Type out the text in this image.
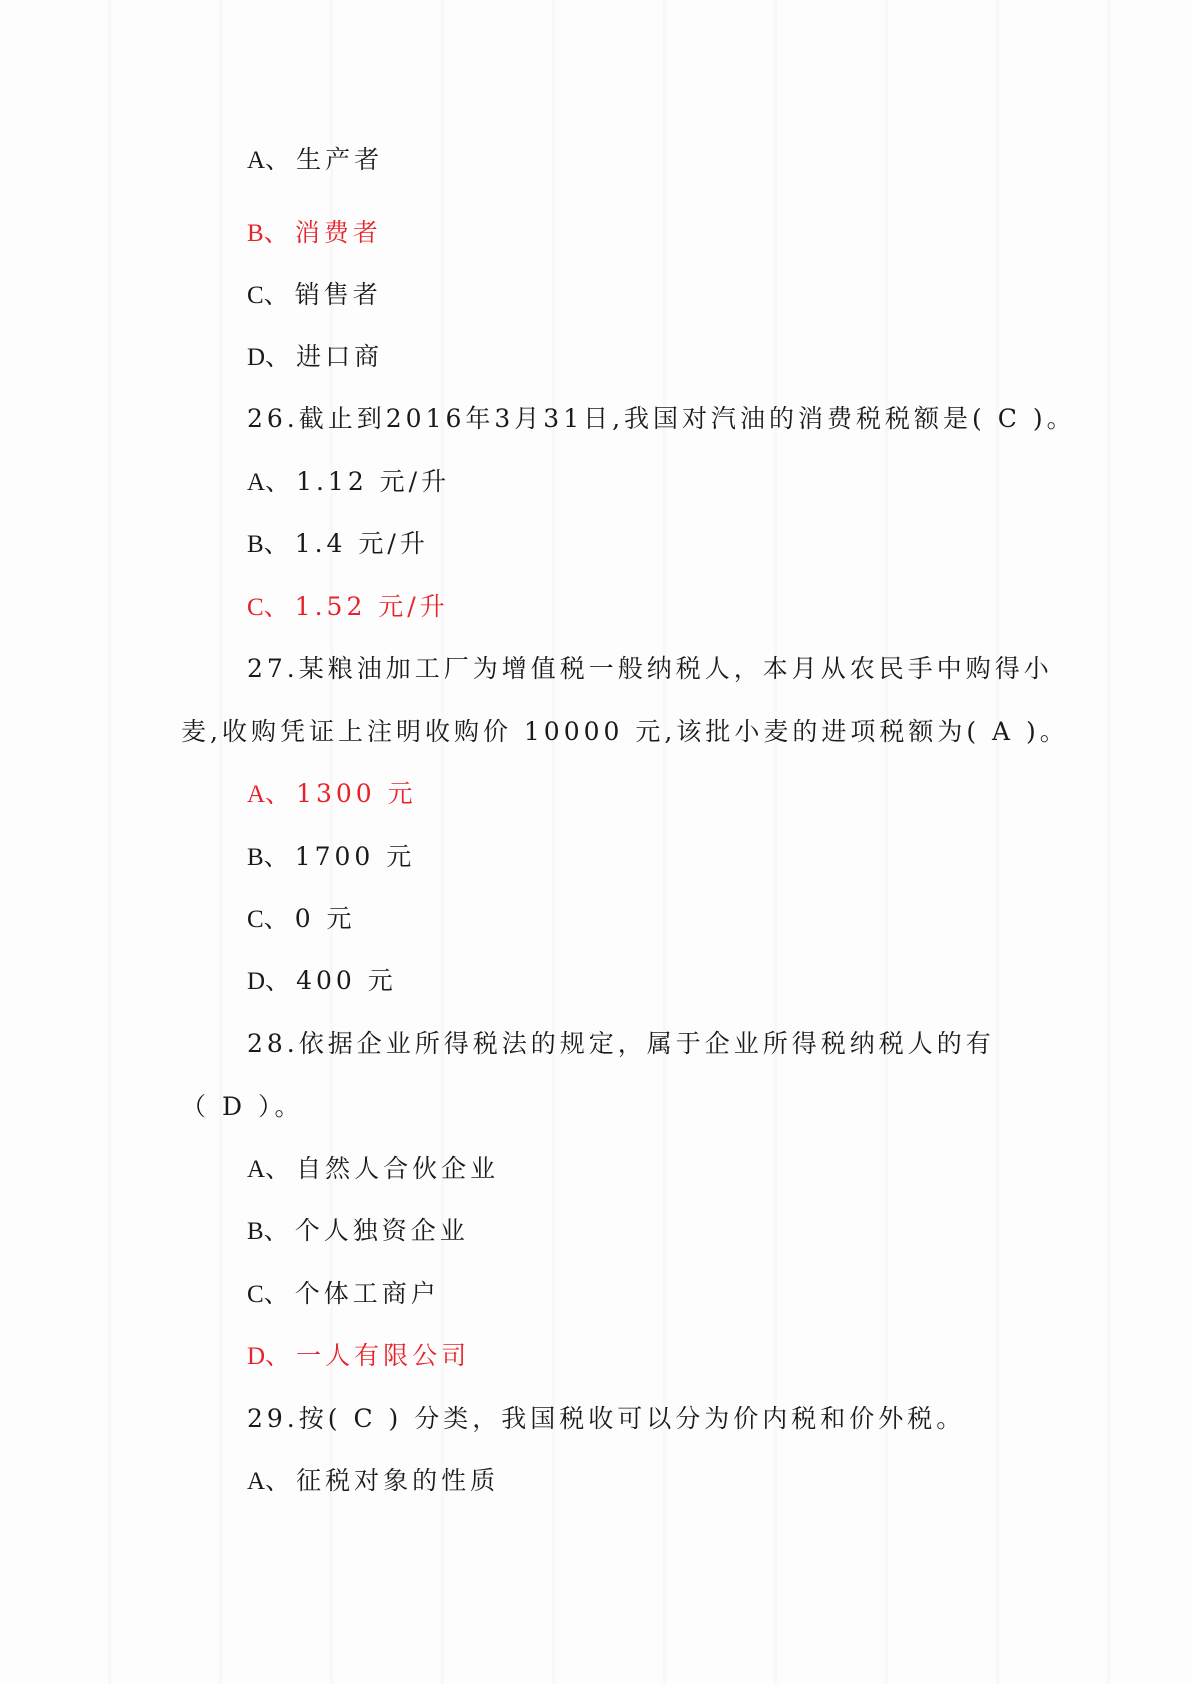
A、 生产者
B、 消费者
C、 销售者
D、 进口商
26.截止到2016年3月31日,我国对汽油的消费税税额是( C )。
A、 1.12 元/升
B、 1.4 元/升
C、 1.52 元/升
27.某粮油加工厂为增值税一般纳税人，本月从农民手中购得小
麦,收购凭证上注明收购价 10000 元,该批小麦的进项税额为( A )。
A、 1300 元
B、 1700 元
C、 0 元
D、 400 元
28.依据企业所得税法的规定，属于企业所得税纳税人的有
（ D ）。
A、 自然人合伙企业
B、 个人独资企业
C、 个体工商户
D、 一人有限公司
29.按( C ) 分类，我国税收可以分为价内税和价外税。
A、 征税对象的性质
